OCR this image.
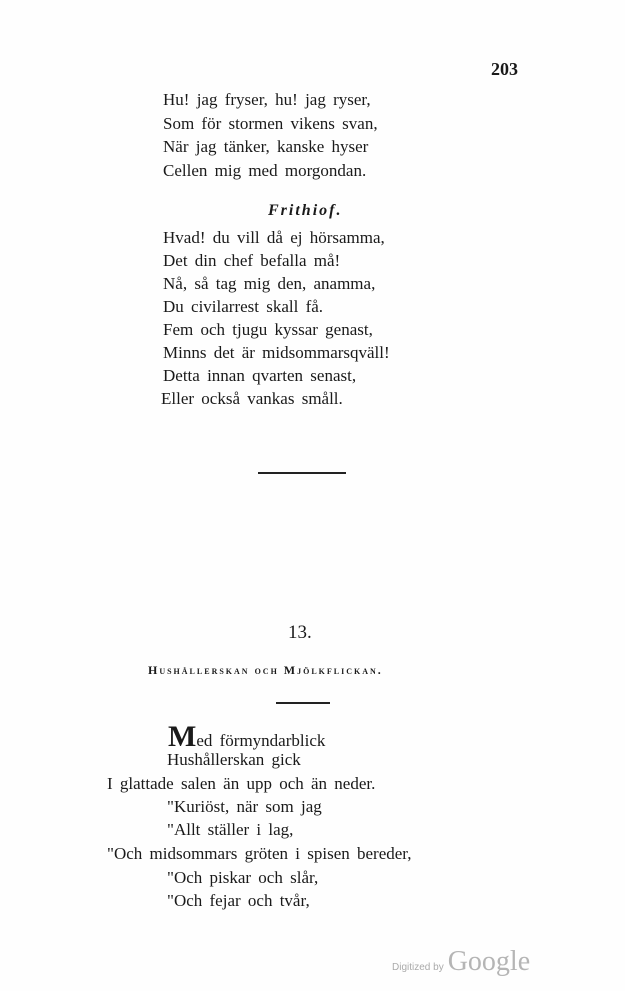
203
Hu! jag fryser, hu! jag ryser,
Som för stormen vikens svan,
När jag tänker, kanske hyser
Cellen mig med morgondan.
Frithiof.
Hvad! du vill då ej hörsamma,
Det din chef befalla må!
Nå, så tag mig den, anamma,
Du civilarrest skall få.
Fem och tjugu kyssar genast,
Minns det är midsommarsqväll!
Detta innan qvarten senast,
Eller också vankas småll.
13.
Hushållerskan och Mjölkflickan.
Med förmyndarblick
Hushållerskan gick
I glattade salen än upp och än neder.
"Kuriöst, när som jag
"Allt ställer i lag,
"Och midsommars gröten i spisen bereder,
"Och piskar och slår,
"Och fejar och tvår,
Digitized by Google
